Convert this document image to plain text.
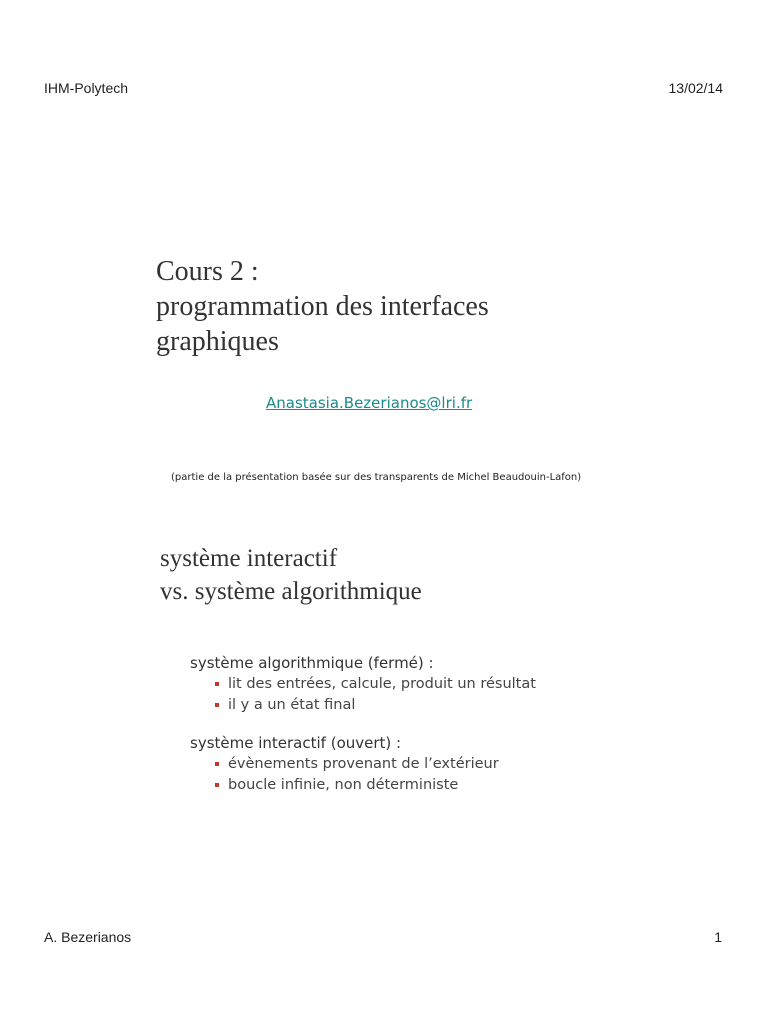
IHM-Polytech	13/02/14
Cours 2 :
programmation des interfaces
graphiques
Anastasia.Bezerianos@lri.fr
(partie de la présentation basée sur des transparents de Michel Beaudouin-Lafon)
système interactif
vs. système algorithmique
système algorithmique (fermé) :
lit des entrées, calcule, produit un résultat
il y a un état final
système interactif (ouvert) :
évènements provenant de l’extérieur
boucle infinie, non déterministe
A. Bezerianos	1
